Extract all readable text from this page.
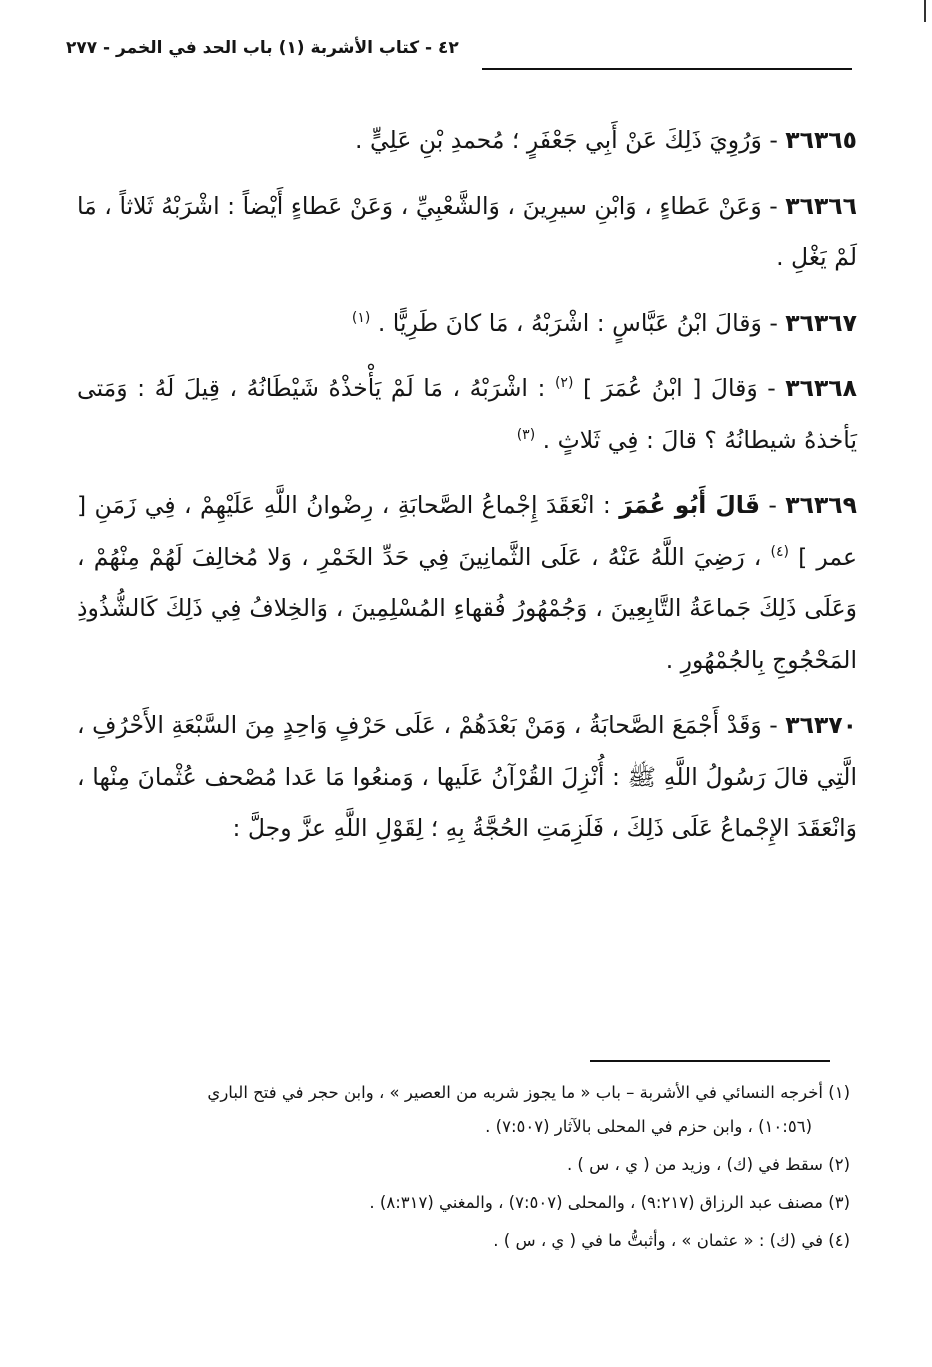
٤٢ - كتاب الأشربة (١) باب الحد في الخمر - ٢٧٧

٣٦٣٦٥ - وَرُوِيَ ذَلِكَ عَنْ أَبِي جَعْفَرٍ ؛ مُحمدِ بْنِ عَلِيٍّ .

٣٦٣٦٦ - وَعَنْ عَطاءٍ ، وَابْنِ سيرِينَ ، وَالشَّعْبِيِّ ، وَعَنْ عَطاءٍ أَيْضاً : اشْرَبْهُ ثَلاثاً ، مَا لَمْ يَغْلِ .

٣٦٣٦٧ - وَقالَ ابْنُ عَبَّاسٍ : اشْرَبْهُ ، مَا كانَ طَرِيًّا . $^{(١)}$

٣٦٣٦٨ - وَقالَ [ ابْنُ عُمَرَ ] $^{(٢)}$ : اشْرَبْهُ ، مَا لَمْ يَأْخذْهُ شَيْطَانُهُ ، قِيلَ لَهُ : وَمَتى يَأخذهُ شيطانُهُ ؟ قالَ : فِي ثَلاثٍ . $^{(٣)}$

٣٦٣٦٩ - قَالَ أَبُو عُمَرَ : انْعَقَدَ إِجْماعُ الصَّحابَةِ ، رِضْوانُ اللَّهِ عَلَيْهِمْ ، فِي زَمَنِ [ عمر ] $^{(٤)}$ ، رَضِيَ اللَّهُ عَنْهُ ، عَلَى الثَّمانِينَ فِي حَدِّ الخَمْرِ ، وَلا مُخالِفَ لَهُمْ مِنْهُمْ ، وَعَلَى ذَلِكَ جَماعَةُ التَّابِعِينَ ، وَجُمْهُورُ فُقهاءِ المُسْلِمِينَ ، وَالخِلافُ فِي ذَلِكَ كَالشُّذُوذِ المَحْجُوجِ بِالجُمْهُورِ .

٣٦٣٧٠ - وَقَدْ أَجْمَعَ الصَّحابَةُ ، وَمَنْ بَعْدَهُمْ ، عَلَى حَرْفٍ وَاحِدٍ مِنَ السَّبْعَةِ الأَحْرُفِ ، الَّتِي قالَ رَسُولُ اللَّهِ ﷺ : أُنْزِلَ القُرْآنُ عَلَيها ، وَمنعُوا مَا عَدا مُصْحف عُثْمانَ مِنْها ، وَانْعَقَدَ الإِجْماعُ عَلَى ذَلِكَ ، فَلَزِمَتِ الحُجَّةُ بِهِ ؛ لِقَوْلِ اللَّهِ عزَّ وجلَّ :

(١) أخرجه النسائي في الأشربة – باب « ما يجوز شربه من العصير » ، وابن حجر في فتح الباري
(١٠:٥٦) ، وابن حزم في المحلى بالآثار (٧:٥٠٧) .

(٢) سقط في (ك) ، وزيد من ( ي ، س ) .

(٣) مصنف عبد الرزاق (٩:٢١٧) ، والمحلى (٧:٥٠٧) ، والمغني (٨:٣١٧) .

(٤) في (ك) : « عثمان » ، وأثبتُّ ما في ( ي ، س ) .
